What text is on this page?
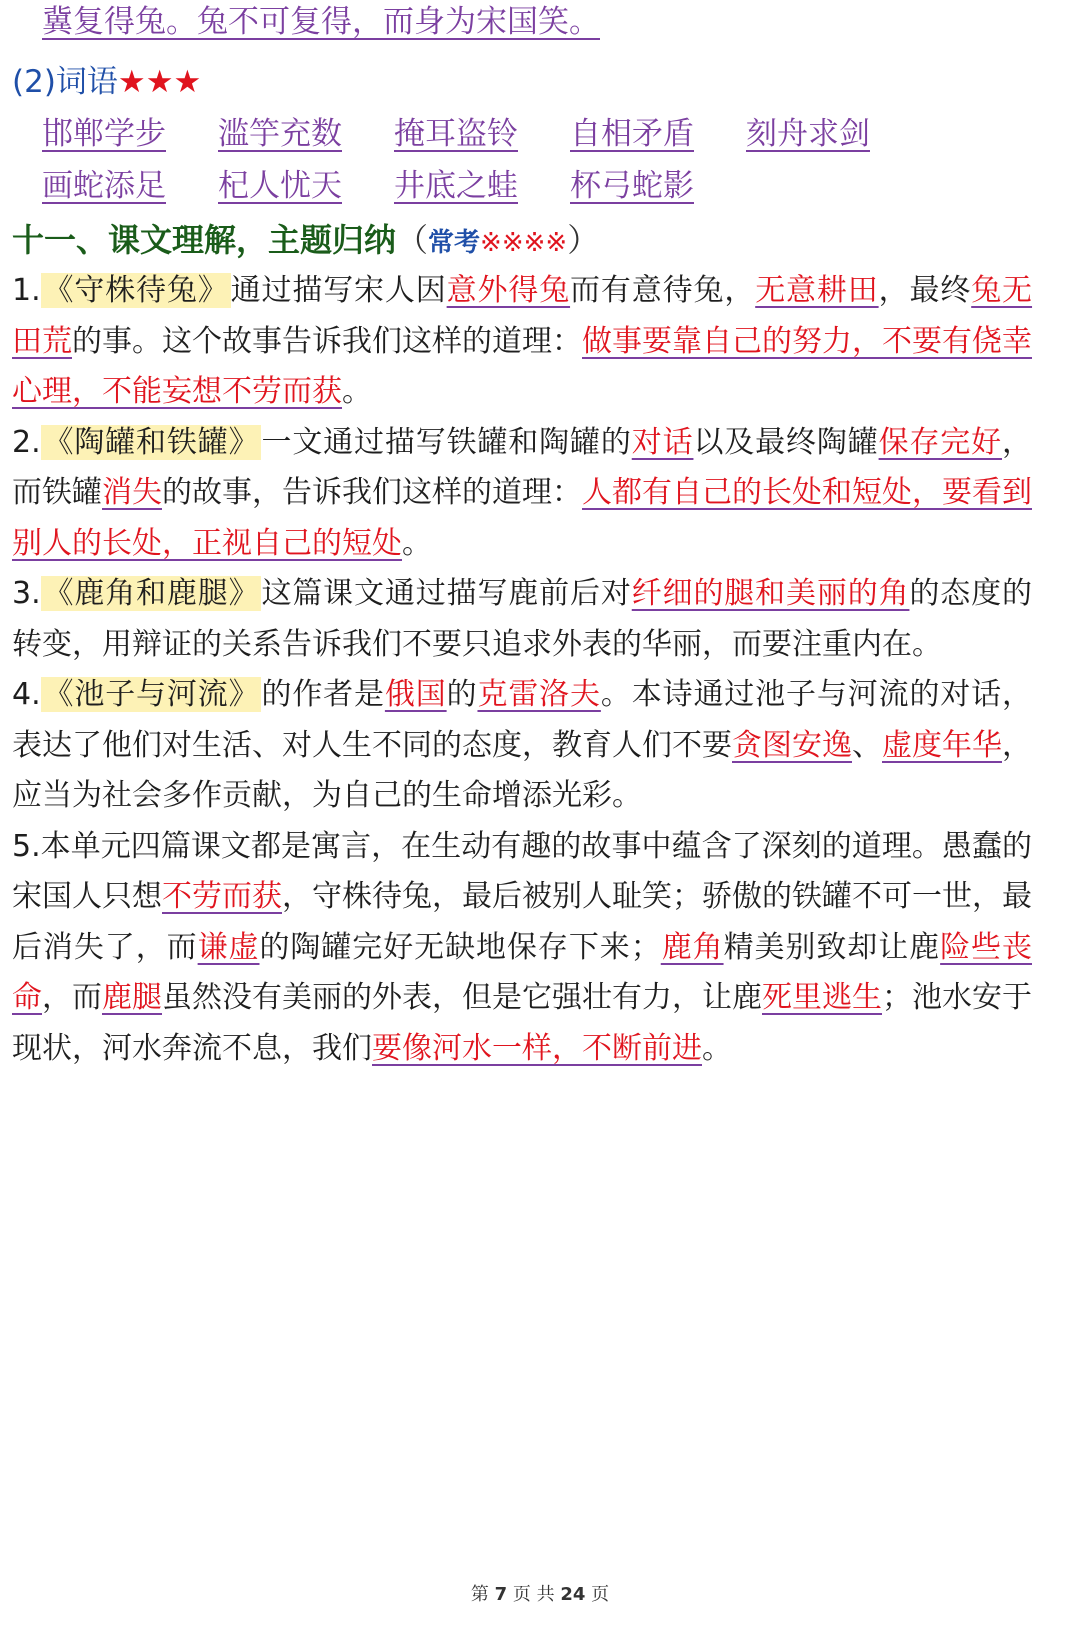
冀复得兔。兔不可复得，而身为宋国笑。
(2)词语★★★
邯郸学步 滥竽充数 掩耳盗铃 自相矛盾 刻舟求剑
画蛇添足 杞人忧天 井底之蛙 杯弓蛇影
十一、课文理解，主题归纳（常考※※※※）

1.《守株待兔》通过描写宋人因意外得兔而有意待兔，无意耕田，最终兔无田荒的事。这个故事告诉我们这样的道理：做事要靠自己的努力，不要有侥幸心理，不能妄想不劳而获。

2.《陶罐和铁罐》一文通过描写铁罐和陶罐的对话以及最终陶罐保存完好，而铁罐消失的故事，告诉我们这样的道理：人都有自己的长处和短处，要看到别人的长处，正视自己的短处。

3.《鹿角和鹿腿》这篇课文通过描写鹿前后对纤细的腿和美丽的角的态度的转变，用辩证的关系告诉我们不要只追求外表的华丽，而要注重内在。

4.《池子与河流》的作者是俄国的克雷洛夫。本诗通过池子与河流的对话，表达了他们对生活、对人生不同的态度，教育人们不要贪图安逸、虚度年华，应当为社会多作贡献，为自己的生命增添光彩。

5.本单元四篇课文都是寓言，在生动有趣的故事中蕴含了深刻的道理。愚蠢的宋国人只想不劳而获，守株待兔，最后被别人耻笑；骄傲的铁罐不可一世，最后消失了，而谦虚的陶罐完好无缺地保存下来；鹿角精美别致却让鹿险些丧命，而鹿腿虽然没有美丽的外表，但是它强壮有力，让鹿死里逃生；池水安于现状，河水奔流不息，我们要像河水一样，不断前进。

第 7 页 共 24 页
